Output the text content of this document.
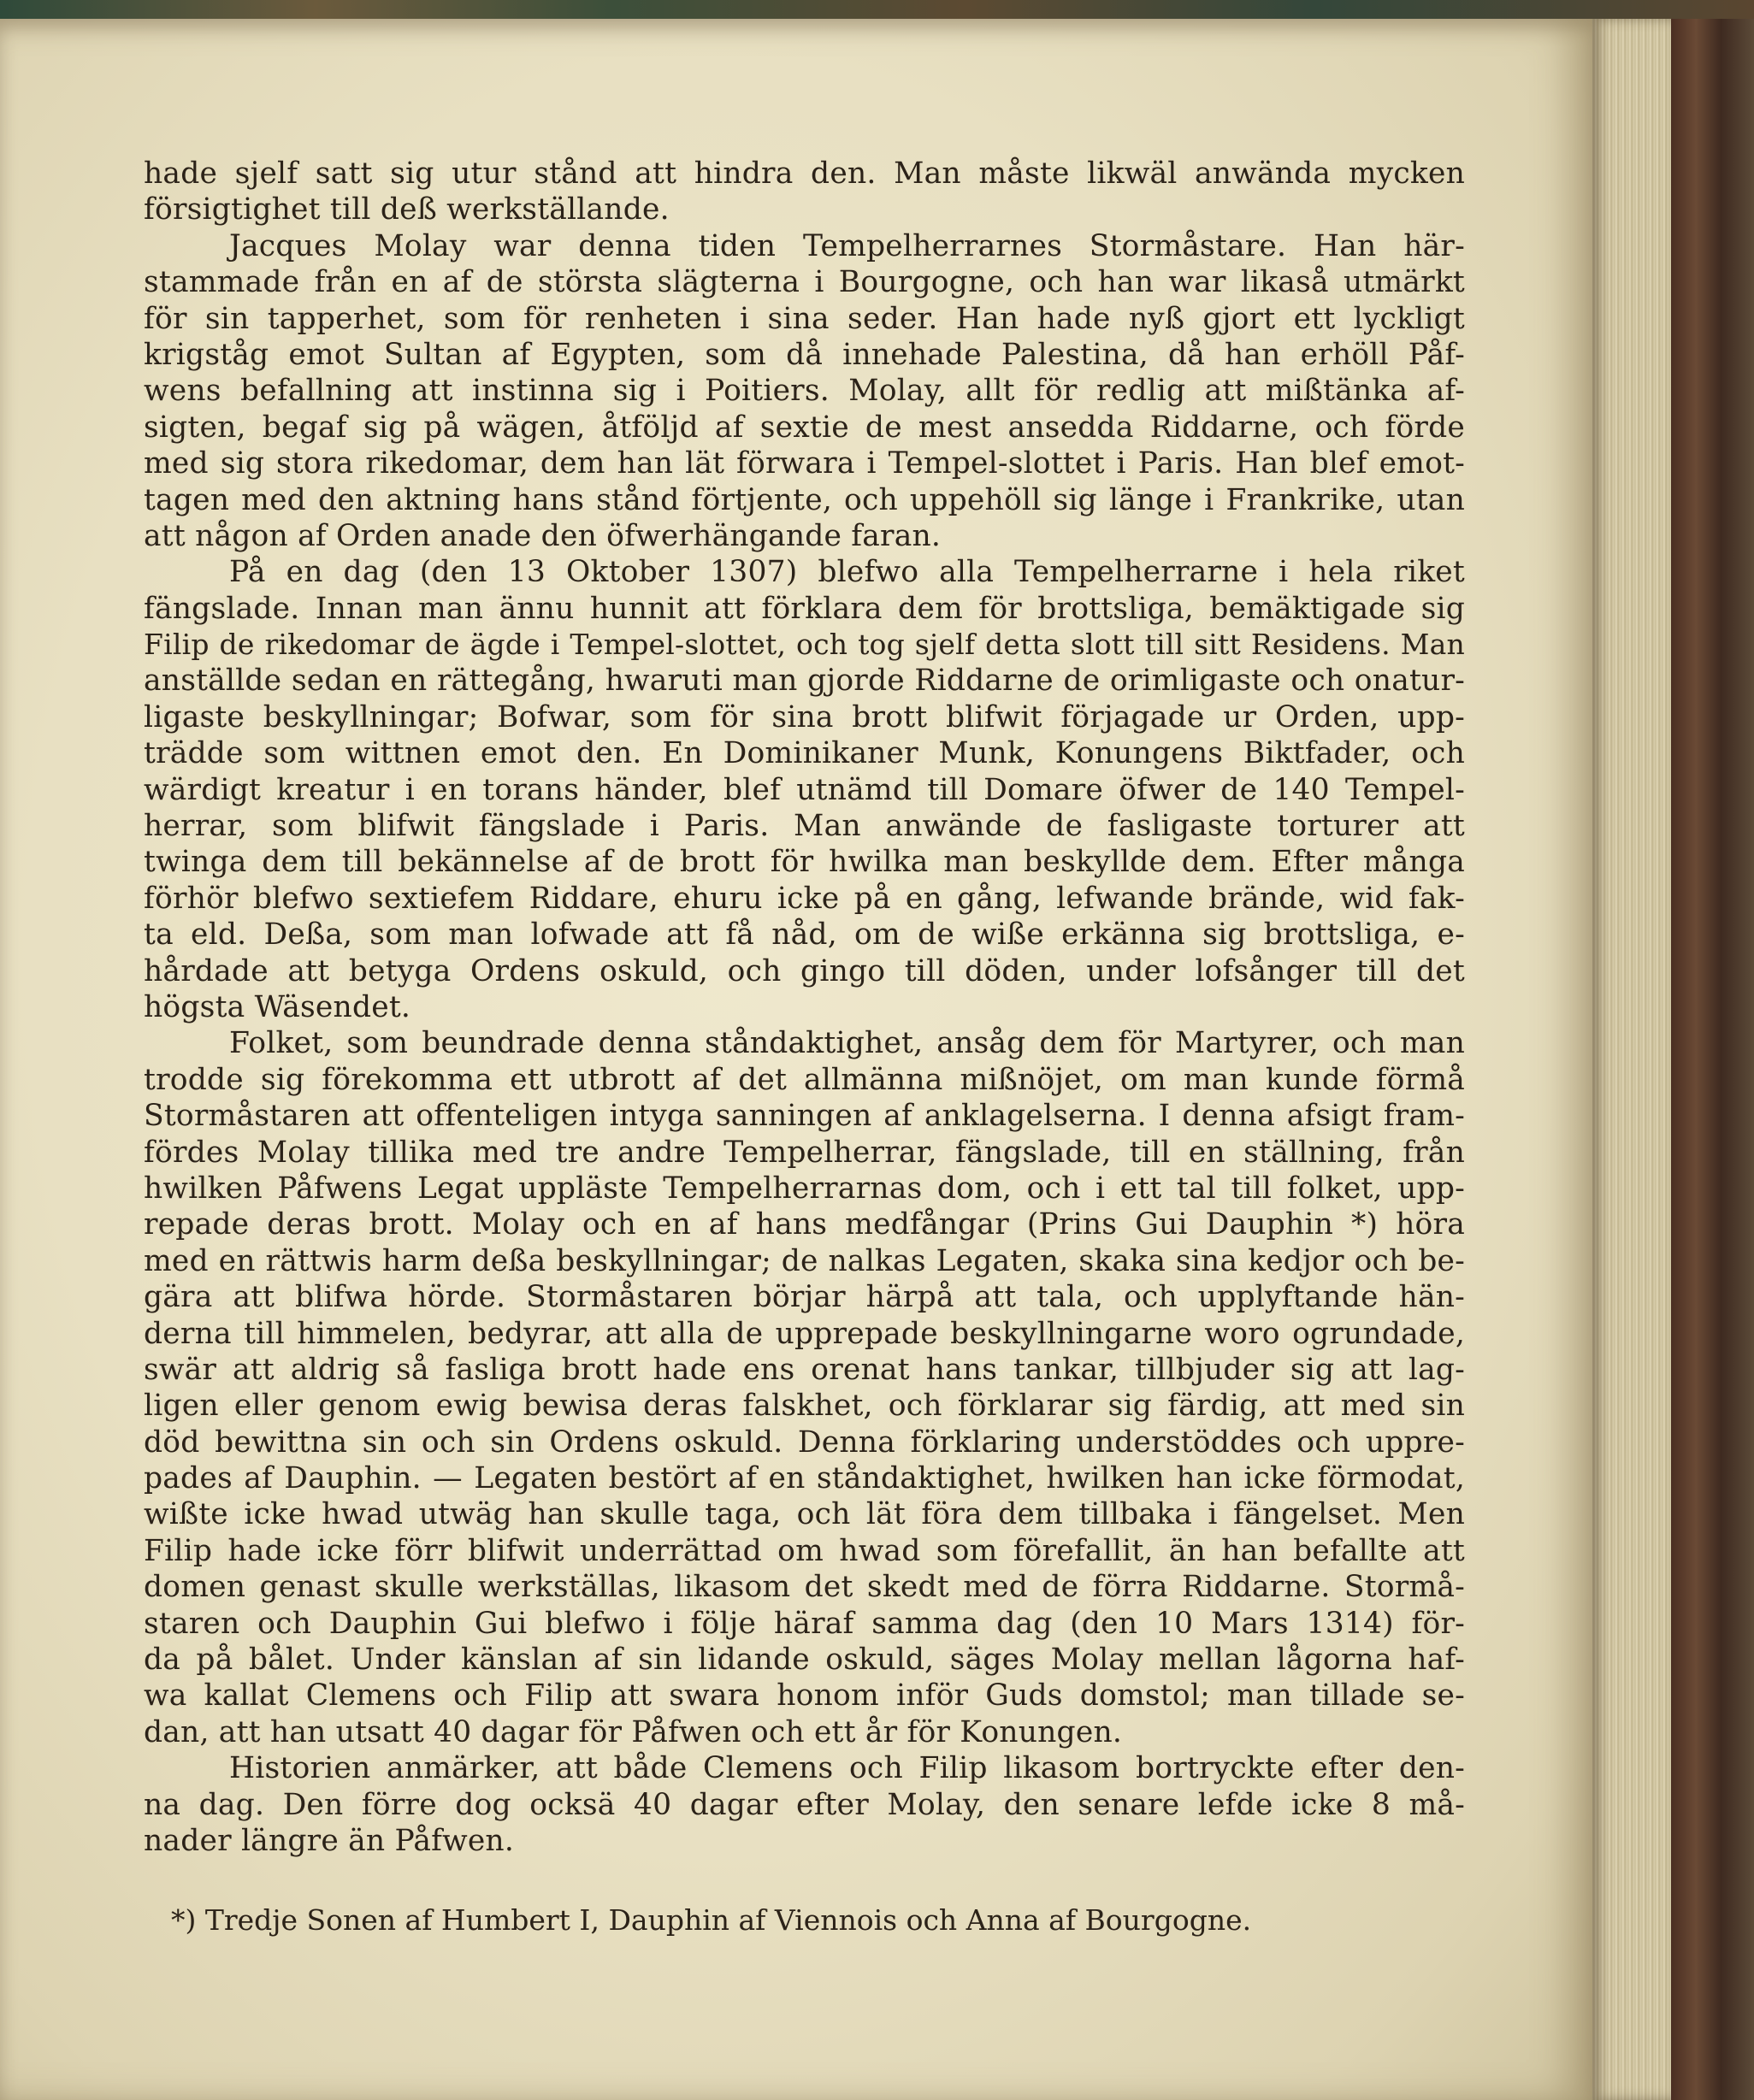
hade sjelf satt sig utur stånd att hindra den. Man måste likwäl anwända mycken
försigtighet till deß werkställande.
Jacques Molay war denna tiden Tempelherrarnes Stormåstare. Han här-
stammade från en af de största slägterna i Bourgogne, och han war likaså utmärkt
för sin tapperhet, som för renheten i sina seder. Han hade nyß gjort ett lyckligt
krigståg emot Sultan af Egypten, som då innehade Palestina, då han erhöll Påf-
wens befallning att instinna sig i Poitiers. Molay, allt för redlig att mißtänka af-
sigten, begaf sig på wägen, åtföljd af sextie de mest ansedda Riddarne, och förde
med sig stora rikedomar, dem han lät förwara i Tempel-slottet i Paris. Han blef emot-
tagen med den aktning hans stånd förtjente, och uppehöll sig länge i Frankrike, utan
att någon af Orden anade den öfwerhängande faran.
På en dag (den 13 Oktober 1307) blefwo alla Tempelherrarne i hela riket
fängslade. Innan man ännu hunnit att förklara dem för brottsliga, bemäktigade sig
Filip de rikedomar de ägde i Tempel-slottet, och tog sjelf detta slott till sitt Residens. Man
anställde sedan en rättegång, hwaruti man gjorde Riddarne de orimligaste och onatur-
ligaste beskyllningar; Bofwar, som för sina brott blifwit förjagade ur Orden, upp-
trädde som wittnen emot den. En Dominikaner Munk, Konungens Biktfader, och
wärdigt kreatur i en torans händer, blef utnämd till Domare öfwer de 140 Tempel-
herrar, som blifwit fängslade i Paris. Man anwände de fasligaste torturer att
twinga dem till bekännelse af de brott för hwilka man beskyllde dem. Efter många
förhör blefwo sextiefem Riddare, ehuru icke på en gång, lefwande brände, wid fak-
ta eld. Deßa, som man lofwade att få nåd, om de wiße erkänna sig brottsliga, e-
hårdade att betyga Ordens oskuld, och gingo till döden, under lofsånger till det
högsta Wäsendet.
Folket, som beundrade denna ståndaktighet, ansåg dem för Martyrer, och man
trodde sig förekomma ett utbrott af det allmänna mißnöjet, om man kunde förmå
Stormåstaren att offenteligen intyga sanningen af anklagelserna. I denna afsigt fram-
fördes Molay tillika med tre andre Tempelherrar, fängslade, till en ställning, från
hwilken Påfwens Legat uppläste Tempelherrarnas dom, och i ett tal till folket, upp-
repade deras brott. Molay och en af hans medfångar (Prins Gui Dauphin *) höra
med en rättwis harm deßa beskyllningar; de nalkas Legaten, skaka sina kedjor och be-
gära att blifwa hörde. Stormåstaren börjar härpå att tala, och upplyftande hän-
derna till himmelen, bedyrar, att alla de upprepade beskyllningarne woro ogrundade,
swär att aldrig så fasliga brott hade ens orenat hans tankar, tillbjuder sig att lag-
ligen eller genom ewig bewisa deras falskhet, och förklarar sig färdig, att med sin
död bewittna sin och sin Ordens oskuld. Denna förklaring understöddes och uppre-
pades af Dauphin. — Legaten bestört af en ståndaktighet, hwilken han icke förmodat,
wißte icke hwad utwäg han skulle taga, och lät föra dem tillbaka i fängelset. Men
Filip hade icke förr blifwit underrättad om hwad som förefallit, än han befallte att
domen genast skulle werkställas, likasom det skedt med de förra Riddarne. Stormå-
staren och Dauphin Gui blefwo i följe häraf samma dag (den 10 Mars 1314) för-
da på bålet. Under känslan af sin lidande oskuld, säges Molay mellan lågorna haf-
wa kallat Clemens och Filip att swara honom inför Guds domstol; man tillade se-
dan, att han utsatt 40 dagar för Påfwen och ett år för Konungen.
Historien anmärker, att både Clemens och Filip likasom bortryckte efter den-
na dag. Den förre dog ocksä 40 dagar efter Molay, den senare lefde icke 8 må-
nader längre än Påfwen.
*) Tredje Sonen af Humbert I, Dauphin af Viennois och Anna af Bourgogne.
